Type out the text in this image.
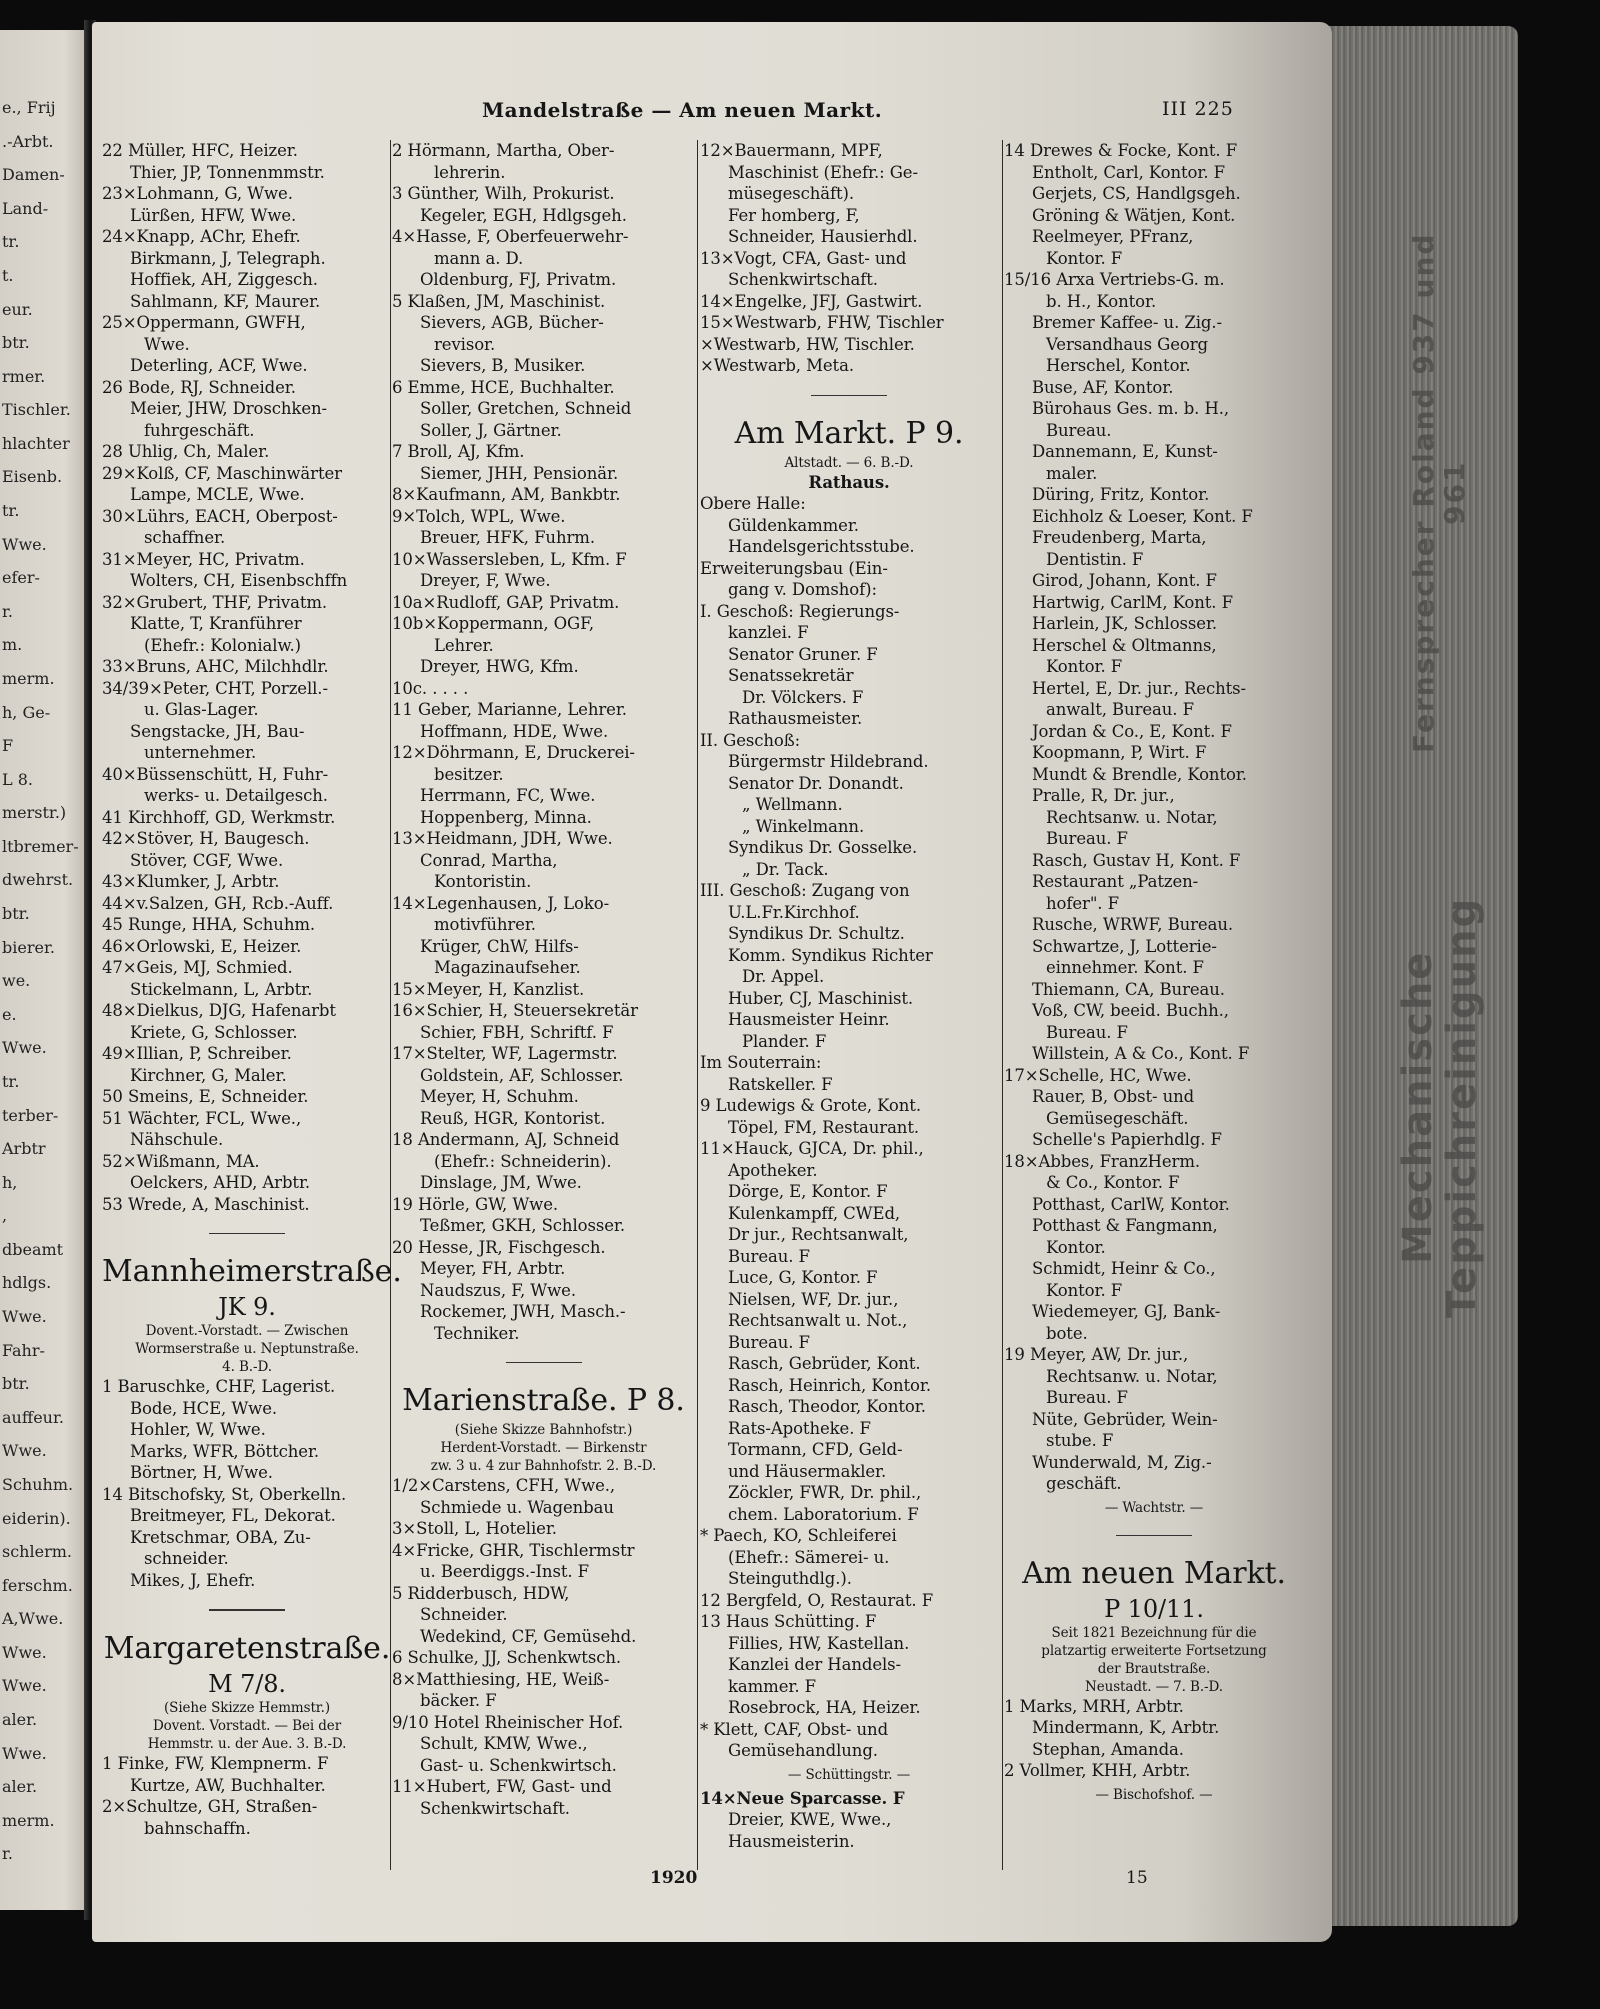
e., Frij
.-Arbt.
Damen-
Land-
tr.
t.
eur.
btr.
rmer.
Tischler.
hlachter
Eisenb.
tr.
Wwe.
efer-
r.
m.
merm.
h, Ge-
F
L 8.
merstr.)
ltbremer-
dwehrst.
btr.
bierer.
we.
e.
Wwe.
tr.
terber-
Arbtr
h,
,
dbeamt
hdlgs.
Wwe.
Fahr-
btr.
auffeur.
Wwe.
Schuhm.
eiderin).
schlerm.
ferschm.
A,Wwe.
Wwe.
Wwe.
aler.
Wwe.
aler.
merm.
r.
Mechanische Teppichreinigung
Fernsprecher Roland 937 und 961
Mandelstraße — Am neuen Markt.	III 225
22 Müller, HFC, Heizer.
Thier, JP, Tonnenmmstr.
23×Lohmann, G, Wwe.
Lürßen, HFW, Wwe.
24×Knapp, AChr, Ehefr.
Birkmann, J, Telegraph.
Hoffiek, AH, Ziggesch.
Sahlmann, KF, Maurer.
25×Oppermann, GWFH,
Wwe.
Deterling, ACF, Wwe.
26 Bode, RJ, Schneider.
Meier, JHW, Droschken-
fuhrgeschäft.
28 Uhlig, Ch, Maler.
29×Kolß, CF, Maschinwärter
Lampe, MCLE, Wwe.
30×Lührs, EACH, Oberpost-
schaffner.
31×Meyer, HC, Privatm.
Wolters, CH, Eisenbschffn
32×Grubert, THF, Privatm.
Klatte, T, Kranführer
(Ehefr.: Kolonialw.)
33×Bruns, AHC, Milchhdlr.
34/39×Peter, CHT, Porzell.-
u. Glas-Lager.
Sengstacke, JH, Bau-
unternehmer.
40×Büssenschütt, H, Fuhr-
werks- u. Detailgesch.
41 Kirchhoff, GD, Werkmstr.
42×Stöver, H, Baugesch.
Stöver, CGF, Wwe.
43×Klumker, J, Arbtr.
44×v.Salzen, GH, Rcb.-Auff.
45 Runge, HHA, Schuhm.
46×Orlowski, E, Heizer.
47×Geis, MJ, Schmied.
Stickelmann, L, Arbtr.
48×Dielkus, DJG, Hafenarbt
Kriete, G, Schlosser.
49×Illian, P, Schreiber.
Kirchner, G, Maler.
50 Smeins, E, Schneider.
51 Wächter, FCL, Wwe.,
Nähschule.
52×Wißmann, MA.
Oelckers, AHD, Arbtr.
53 Wrede, A, Maschinist.
Mannheimerstraße.
JK 9.
Dovent.-Vorstadt. — Zwischen
Wormserstraße u. Neptunstraße.
4. B.-D.
1 Baruschke, CHF, Lagerist.
Bode, HCE, Wwe.
Hohler, W, Wwe.
Marks, WFR, Böttcher.
Börtner, H, Wwe.
14 Bitschofsky, St, Oberkelln.
Breitmeyer, FL, Dekorat.
Kretschmar, OBA, Zu-
schneider.
Mikes, J, Ehefr.
Margaretenstraße.
M 7/8.
(Siehe Skizze Hemmstr.)
Dovent. Vorstadt. — Bei der
Hemmstr. u. der Aue. 3. B.-D.
1 Finke, FW, Klempnerm. F
Kurtze, AW, Buchhalter.
2×Schultze, GH, Straßen-
bahnschaffn.
2 Hörmann, Martha, Ober-
lehrerin.
3 Günther, Wilh, Prokurist.
Kegeler, EGH, Hdlgsgeh.
4×Hasse, F, Oberfeuerwehr-
mann a. D.
Oldenburg, FJ, Privatm.
5 Klaßen, JM, Maschinist.
Sievers, AGB, Bücher-
revisor.
Sievers, B, Musiker.
6 Emme, HCE, Buchhalter.
Soller, Gretchen, Schneid
Soller, J, Gärtner.
7 Broll, AJ, Kfm.
Siemer, JHH, Pensionär.
8×Kaufmann, AM, Bankbtr.
9×Tolch, WPL, Wwe.
Breuer, HFK, Fuhrm.
10×Wassersleben, L, Kfm. F
Dreyer, F, Wwe.
10a×Rudloff, GAP, Privatm.
10b×Koppermann, OGF,
Lehrer.
Dreyer, HWG, Kfm.
10c. . . . .
11 Geber, Marianne, Lehrer.
Hoffmann, HDE, Wwe.
12×Döhrmann, E, Druckerei-
besitzer.
Herrmann, FC, Wwe.
Hoppenberg, Minna.
13×Heidmann, JDH, Wwe.
Conrad, Martha,
Kontoristin.
14×Legenhausen, J, Loko-
motivführer.
Krüger, ChW, Hilfs-
Magazinaufseher.
15×Meyer, H, Kanzlist.
16×Schier, H, Steuersekretär
Schier, FBH, Schriftf. F
17×Stelter, WF, Lagermstr.
Goldstein, AF, Schlosser.
Meyer, H, Schuhm.
Reuß, HGR, Kontorist.
18 Andermann, AJ, Schneid
(Ehefr.: Schneiderin).
Dinslage, JM, Wwe.
19 Hörle, GW, Wwe.
Teßmer, GKH, Schlosser.
20 Hesse, JR, Fischgesch.
Meyer, FH, Arbtr.
Naudszus, F, Wwe.
Rockemer, JWH, Masch.-
Techniker.
Marienstraße. P 8.
(Siehe Skizze Bahnhofstr.)
Herdent-Vorstadt. — Birkenstr
zw. 3 u. 4 zur Bahnhofstr. 2. B.-D.
1/2×Carstens, CFH, Wwe.,
Schmiede u. Wagenbau
3×Stoll, L, Hotelier.
4×Fricke, GHR, Tischlermstr
u. Beerdiggs.-Inst. F
5 Ridderbusch, HDW,
Schneider.
Wedekind, CF, Gemüsehd.
6 Schulke, JJ, Schenkwtsch.
8×Matthiesing, HE, Weiß-
bäcker. F
9/10 Hotel Rheinischer Hof.
Schult, KMW, Wwe.,
Gast- u. Schenkwirtsch.
11×Hubert, FW, Gast- und
Schenkwirtschaft.
12×Bauermann, MPF,
Maschinist (Ehefr.: Ge-
müsegeschäft).
Fer homberg, F,
Schneider, Hausierhdl.
13×Vogt, CFA, Gast- und
Schenkwirtschaft.
14×Engelke, JFJ, Gastwirt.
15×Westwarb, FHW, Tischler
×Westwarb, HW, Tischler.
×Westwarb, Meta.
Am Markt. P 9.
Altstadt. — 6. B.-D.
Rathaus.
Obere Halle:
Güldenkammer.
Handelsgerichtsstube.
Erweiterungsbau (Ein-
gang v. Domshof):
I. Geschoß: Regierungs-
kanzlei. F
Senator Gruner. F
Senatssekretär
Dr. Völckers. F
Rathausmeister.
II. Geschoß:
Bürgermstr Hildebrand.
Senator Dr. Donandt.
„ Wellmann.
„ Winkelmann.
Syndikus Dr. Gosselke.
„ Dr. Tack.
III. Geschoß: Zugang von
U.L.Fr.Kirchhof.
Syndikus Dr. Schultz.
Komm. Syndikus Richter
Dr. Appel.
Huber, CJ, Maschinist.
Hausmeister Heinr.
Plander. F
Im Souterrain:
Ratskeller. F
9 Ludewigs & Grote, Kont.
Töpel, FM, Restaurant.
11×Hauck, GJCA, Dr. phil.,
Apotheker.
Dörge, E, Kontor. F
Kulenkampff, CWEd,
Dr jur., Rechtsanwalt,
Bureau. F
Luce, G, Kontor. F
Nielsen, WF, Dr. jur.,
Rechtsanwalt u. Not.,
Bureau. F
Rasch, Gebrüder, Kont.
Rasch, Heinrich, Kontor.
Rasch, Theodor, Kontor.
Rats-Apotheke. F
Tormann, CFD, Geld-
und Häusermakler.
Zöckler, FWR, Dr. phil.,
chem. Laboratorium. F
* Paech, KO, Schleiferei
(Ehefr.: Sämerei- u.
Steinguthdlg.).
12 Bergfeld, O, Restaurat. F
13 Haus Schütting. F
Fillies, HW, Kastellan.
Kanzlei der Handels-
kammer. F
Rosebrock, HA, Heizer.
* Klett, CAF, Obst- und
Gemüsehandlung.
— Schüttingstr. —
14×Neue Sparcasse. F
Dreier, KWE, Wwe.,
Hausmeisterin.
14 Drewes & Focke, Kont. F
Entholt, Carl, Kontor. F
Gerjets, CS, Handlgsgeh.
Gröning & Wätjen, Kont.
Reelmeyer, PFranz,
Kontor. F
15/16 Arxa Vertriebs-G. m.
b. H., Kontor.
Bremer Kaffee- u. Zig.-
Versandhaus Georg
Herschel, Kontor.
Buse, AF, Kontor.
Bürohaus Ges. m. b. H.,
Bureau.
Dannemann, E, Kunst-
maler.
Düring, Fritz, Kontor.
Eichholz & Loeser, Kont. F
Freudenberg, Marta,
Dentistin. F
Girod, Johann, Kont. F
Hartwig, CarlM, Kont. F
Harlein, JK, Schlosser.
Herschel & Oltmanns,
Kontor. F
Hertel, E, Dr. jur., Rechts-
anwalt, Bureau. F
Jordan & Co., E, Kont. F
Koopmann, P, Wirt. F
Mundt & Brendle, Kontor.
Pralle, R, Dr. jur.,
Rechtsanw. u. Notar,
Bureau. F
Rasch, Gustav H, Kont. F
Restaurant „Patzen-
hofer". F
Rusche, WRWF, Bureau.
Schwartze, J, Lotterie-
einnehmer. Kont. F
Thiemann, CA, Bureau.
Voß, CW, beeid. Buchh.,
Bureau. F
Willstein, A & Co., Kont. F
17×Schelle, HC, Wwe.
Rauer, B, Obst- und
Gemüsegeschäft.
Schelle's Papierhdlg. F
18×Abbes, FranzHerm.
& Co., Kontor. F
Potthast, CarlW, Kontor.
Potthast & Fangmann,
Kontor.
Schmidt, Heinr & Co.,
Kontor. F
Wiedemeyer, GJ, Bank-
bote.
19 Meyer, AW, Dr. jur.,
Rechtsanw. u. Notar,
Bureau. F
Nüte, Gebrüder, Wein-
stube. F
Wunderwald, M, Zig.-
geschäft.
— Wachtstr. —
Am neuen Markt.
P 10/11.
Seit 1821 Bezeichnung für die
platzartig erweiterte Fortsetzung
der Brautstraße.
Neustadt. — 7. B.-D.
1 Marks, MRH, Arbtr.
Mindermann, K, Arbtr.
Stephan, Amanda.
2 Vollmer, KHH, Arbtr.
— Bischofshof. —
1920	15
